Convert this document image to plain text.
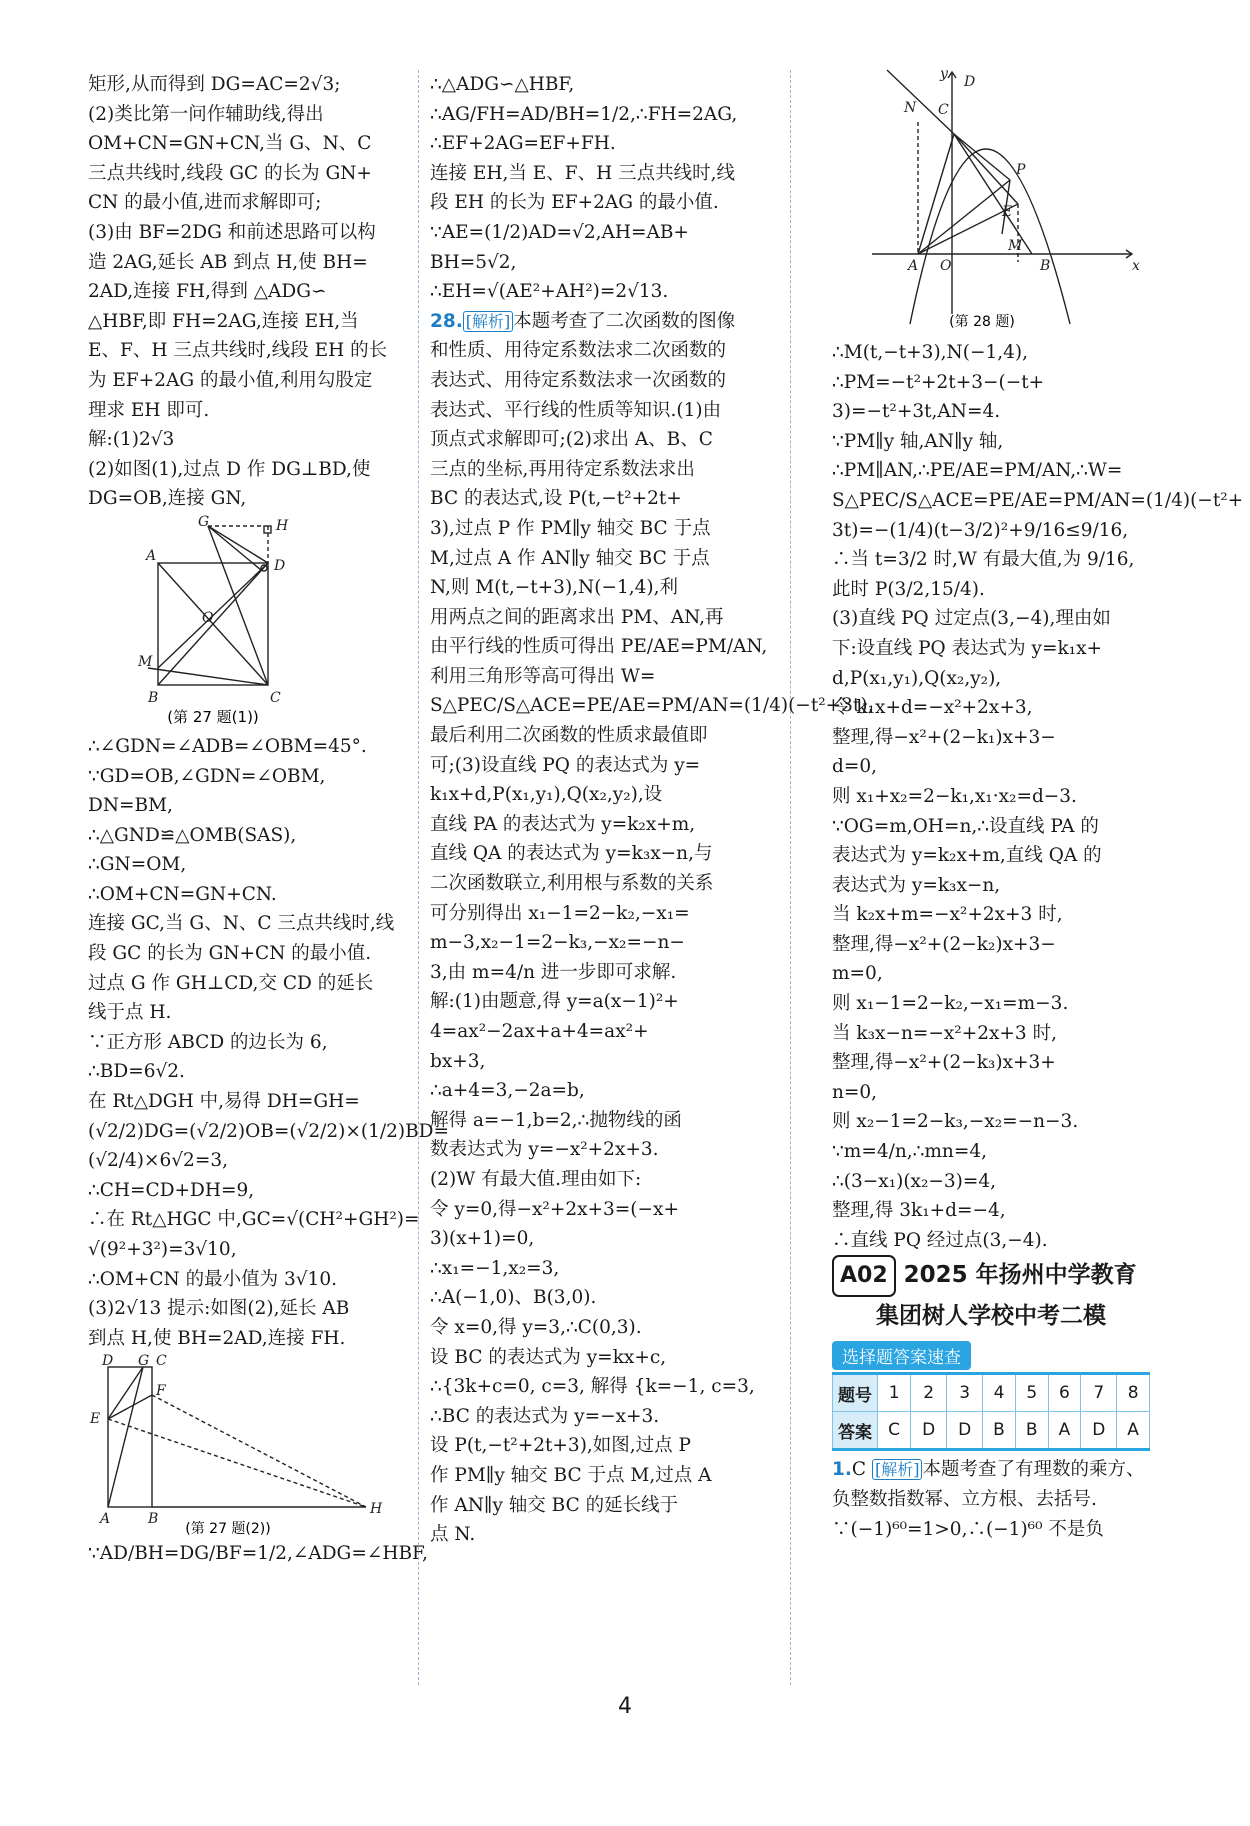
矩形,从而得到 DG=AC=2√3;
(2)类比第一问作辅助线,得出
OM+CN=GN+CN,当 G、N、C
三点共线时,线段 GC 的长为 GN+
CN 的最小值,进而求解即可;
(3)由 BF=2DG 和前述思路可以构
造 2AG,延长 AB 到点 H,使 BH=
2AD,连接 FH,得到 △ADG∽
△HBF,即 FH=2AG,连接 EH,当
E、F、H 三点共线时,线段 EH 的长
为 EF+2AG 的最小值,利用勾股定
理求 EH 即可.
解:(1)2√3
(2)如图(1),过点 D 作 DG⊥BD,使
DG=OB,连接 GN,
G	H
A
D
O
M
B	C
(第 27 题(1))
∴∠GDN=∠ADB=∠OBM=45°.
∵GD=OB,∠GDN=∠OBM,
DN=BM,
∴△GND≌△OMB(SAS),
∴GN=OM,
∴OM+CN=GN+CN.
连接 GC,当 G、N、C 三点共线时,线
段 GC 的长为 GN+CN 的最小值.
过点 G 作 GH⊥CD,交 CD 的延长
线于点 H.
∵正方形 ABCD 的边长为 6,
∴BD=6√2.
在 Rt△DGH 中,易得 DH=GH=
(√2/2)DG=(√2/2)OB=(√2/2)×(1/2)BD=
(√2/4)×6√2=3,
∴CH=CD+DH=9,
∴在 Rt△HGC 中,GC=√(CH²+GH²)=
√(9²+3²)=3√10,
∴OM+CN 的最小值为 3√10.
(3)2√13 提示:如图(2),延长 AB
到点 H,使 BH=2AD,连接 FH.
D G C
F
E
A	B
H
(第 27 题(2))
∵AD/BH=DG/BF=1/2,∠ADG=∠HBF,
∴△ADG∽△HBF,
∴AG/FH=AD/BH=1/2,∴FH=2AG,
∴EF+2AG=EF+FH.
连接 EH,当 E、F、H 三点共线时,线
段 EH 的长为 EF+2AG 的最小值.
∵AE=(1/2)AD=√2,AH=AB+
BH=5√2,
∴EH=√(AE²+AH²)=2√13.
28. [解析] 本题考查了二次函数的图像
和性质、用待定系数法求二次函数的
表达式、用待定系数法求一次函数的
表达式、平行线的性质等知识.(1)由
顶点式求解即可;(2)求出 A、B、C
三点的坐标,再用待定系数法求出
BC 的表达式,设 P(t,−t²+2t+
3),过点 P 作 PM∥y 轴交 BC 于点
M,过点 A 作 AN∥y 轴交 BC 于点
N,则 M(t,−t+3),N(−1,4),利
用两点之间的距离求出 PM、AN,再
由平行线的性质可得出 PE/AE=PM/AN,
利用三角形等高可得出 W=
S△PEC/S△ACE=PE/AE=PM/AN=(1/4)(−t²+3t),
最后利用二次函数的性质求最值即
可;(3)设直线 PQ 的表达式为 y=
k₁x+d,P(x₁,y₁),Q(x₂,y₂),设
直线 PA 的表达式为 y=k₂x+m,
直线 QA 的表达式为 y=k₃x−n,与
二次函数联立,利用根与系数的关系
可分别得出 x₁−1=2−k₂,−x₁=
m−3,x₂−1=2−k₃,−x₂=−n−
3,由 m=4/n 进一步即可求解.
解:(1)由题意,得 y=a(x−1)²+
4=ax²−2ax+a+4=ax²+
bx+3,
∴a+4=3,−2a=b,
解得 a=−1,b=2,∴抛物线的函
数表达式为 y=−x²+2x+3.
(2)W 有最大值.理由如下:
令 y=0,得−x²+2x+3=(−x+
3)(x+1)=0,
∴x₁=−1,x₂=3,
∴A(−1,0)、B(3,0).
令 x=0,得 y=3,∴C(0,3).
设 BC 的表达式为 y=kx+c,
∴{3k+c=0, c=3, 解得 {k=−1, c=3,
∴BC 的表达式为 y=−x+3.
设 P(t,−t²+2t+3),如图,过点 P
作 PM∥y 轴交 BC 于点 M,过点 A
作 AN∥y 轴交 BC 的延长线于
点 N.
y D
N C
P
E
M
A O	B	x
(第 28 题)
∴M(t,−t+3),N(−1,4),
∴PM=−t²+2t+3−(−t+
3)=−t²+3t,AN=4.
∵PM∥y 轴,AN∥y 轴,
∴PM∥AN,∴PE/AE=PM/AN,∴W=
S△PEC/S△ACE=PE/AE=PM/AN=(1/4)(−t²+
3t)=−(1/4)(t−3/2)²+9/16≤9/16,
∴当 t=3/2 时,W 有最大值,为 9/16,
此时 P(3/2,15/4).
(3)直线 PQ 过定点(3,−4),理由如
下:设直线 PQ 表达式为 y=k₁x+
d,P(x₁,y₁),Q(x₂,y₂),
令 k₁x+d=−x²+2x+3,
整理,得−x²+(2−k₁)x+3−
d=0,
则 x₁+x₂=2−k₁,x₁·x₂=d−3.
∵OG=m,OH=n,∴设直线 PA 的
表达式为 y=k₂x+m,直线 QA 的
表达式为 y=k₃x−n,
当 k₂x+m=−x²+2x+3 时,
整理,得−x²+(2−k₂)x+3−
m=0,
则 x₁−1=2−k₂,−x₁=m−3.
当 k₃x−n=−x²+2x+3 时,
整理,得−x²+(2−k₃)x+3+
n=0,
则 x₂−1=2−k₃,−x₂=−n−3.
∵m=4/n,∴mn=4,
∴(3−x₁)(x₂−3)=4,
整理,得 3k₁+d=−4,
∴直线 PQ 经过点(3,−4).
A02 2025 年扬州中学教育
集团树人学校中考二模
选择题答案速查
题号	1	2	3	4	5	6	7	8
答案	C	D	D	B	B	A	D	A
1.C [解析] 本题考查了有理数的乘方、
负整数指数幂、立方根、去括号.
∵(−1)⁶⁰=1>0,∴(−1)⁶⁰ 不是负
4
